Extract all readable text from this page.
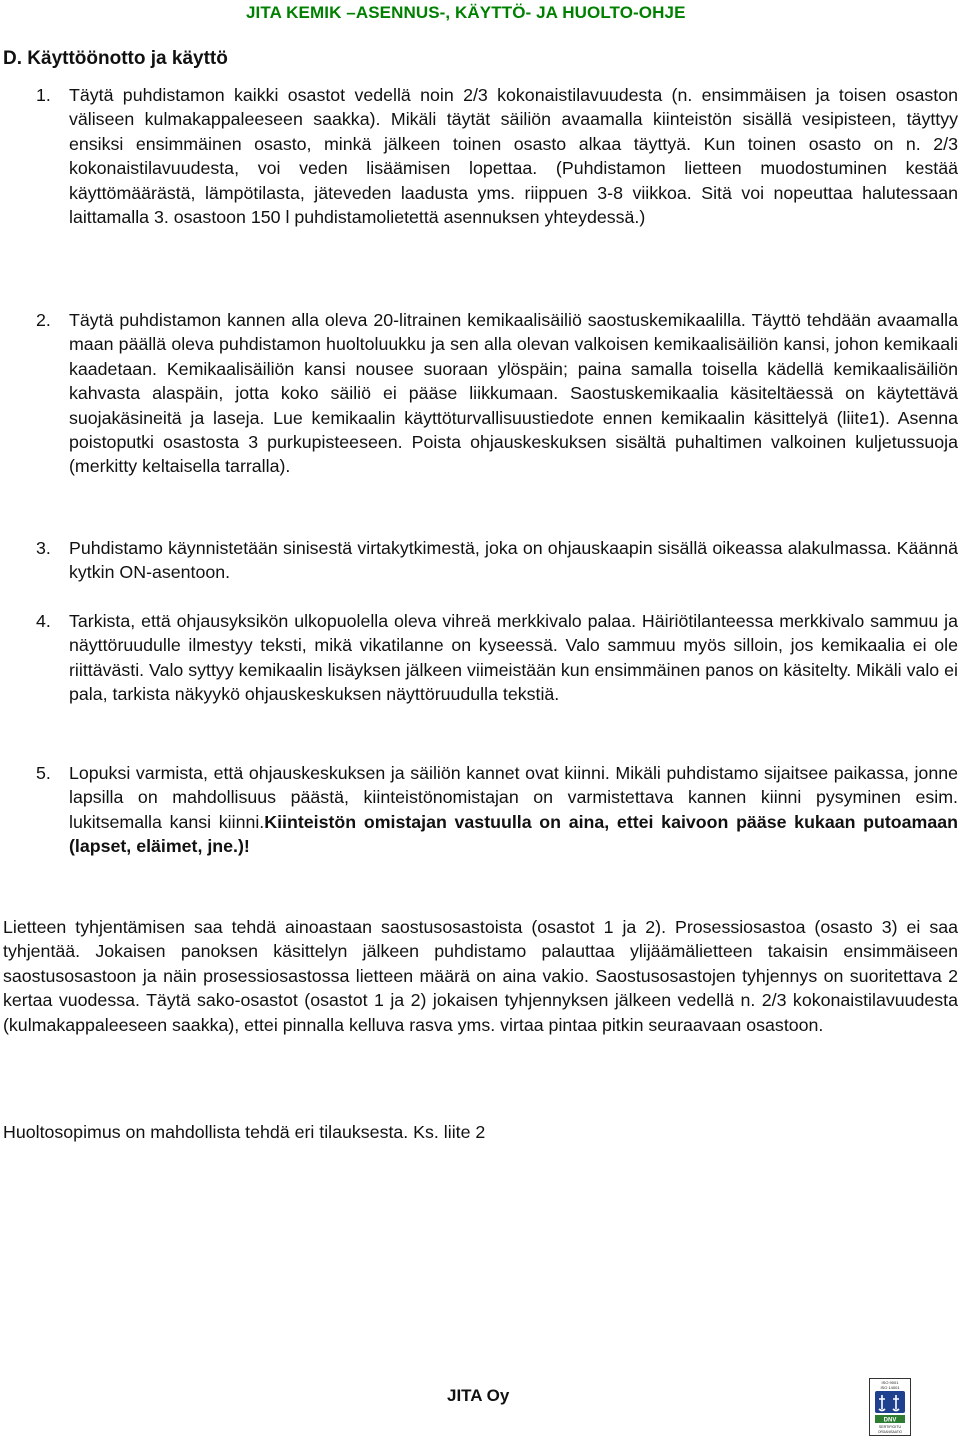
JITA KEMIK –ASENNUS-, KÄYTTÖ- JA HUOLTO-OHJE
D. Käyttöönotto ja käyttö
1. Täytä puhdistamon kaikki osastot vedellä noin 2/3 kokonaistilavuudesta (n. ensimmäisen ja toisen osaston väliseen kulmakappaleeseen saakka). Mikäli täytät säiliön avaamalla kiinteistön sisällä vesipisteen, täyttyy ensiksi ensimmäinen osasto, minkä jälkeen toinen osasto alkaa täyttyä. Kun toinen osasto on n. 2/3 kokonaistilavuudesta, voi veden lisäämisen lopettaa. (Puhdistamon lietteen muodostuminen kestää käyttömäärästä, lämpötilasta, jäteveden laadusta yms. riippuen 3-8 viikkoa. Sitä voi nopeuttaa halutessaan laittamalla 3. osastoon 150 l puhdistamolietettä asennuksen yhteydessä.)
2. Täytä puhdistamon kannen alla oleva 20-litrainen kemikaalisäiliö saostuskemikaalilla. Täyttö tehdään avaamalla maan päällä oleva puhdistamon huoltoluukku ja sen alla olevan valkoisen kemikaalisäiliön kansi, johon kemikaali kaadetaan. Kemikaalisäiliön kansi nousee suoraan ylöspäin; paina samalla toisella kädellä kemikaalisäiliön kahvasta alaspäin, jotta koko säiliö ei pääse liikkumaan. Saostuskemikaalia käsiteltäessä on käytettävä suojakäsineitä ja laseja. Lue kemikaalin käyttöturvallisuustiedote ennen kemikaalin käsittelyä (liite1). Asenna poistoputki osastosta 3 purkupisteeseen. Poista ohjauskeskuksen sisältä puhaltimen valkoinen kuljetussuoja (merkitty keltaisella tarralla).
3. Puhdistamo käynnistetään sinisestä virtakytkimestä, joka on ohjauskaapin sisällä oikeassa alakulmassa. Käännä kytkin ON-asentoon.
4. Tarkista, että ohjausyksikön ulkopuolella oleva vihreä merkkivalo palaa. Häiriötilanteessa merkkivalo sammuu ja näyttöruudulle ilmestyy teksti, mikä vikatilanne on kyseessä. Valo sammuu myös silloin, jos kemikaalia ei ole riittävästi. Valo syttyy kemikaalin lisäyksen jälkeen viimeistään kun ensimmäinen panos on käsitelty. Mikäli valo ei pala, tarkista näkyykö ohjauskeskuksen näyttöruudulla tekstiä.
5. Lopuksi varmista, että ohjauskeskuksen ja säiliön kannet ovat kiinni. Mikäli puhdistamo sijaitsee paikassa, jonne lapsilla on mahdollisuus päästä, kiinteistönomistajan on varmistettava kannen kiinni pysyminen esim. lukitsemalla kansi kiinni.Kiinteistön omistajan vastuulla on aina, ettei kaivoon pääse kukaan putoamaan (lapset, eläimet, jne.)!
Lietteen tyhjentämisen saa tehdä ainoastaan saostusosastoista (osastot 1 ja 2). Prosessiosastoa (osasto 3) ei saa tyhjentää. Jokaisen panoksen käsittelyn jälkeen puhdistamo palauttaa ylijäämälietteen takaisin ensimmäiseen saostusosastoon ja näin prosessiosastossa lietteen määrä on aina vakio. Saostusosastojen tyhjennys on suoritettava 2 kertaa vuodessa. Täytä sako-osastot (osastot 1 ja 2) jokaisen tyhjennyksen jälkeen vedellä n. 2/3 kokonaistilavuudesta (kulmakappaleeseen saakka), ettei pinnalla kelluva rasva yms. virtaa pintaa pitkin seuraavaan osastoon.
Huoltosopimus on mahdollista tehdä eri tilauksesta. Ks. liite 2
JITA Oy
ISO 9001
ISO 14001
DNV
SERTIFIOITU
ORGANISAATIO
